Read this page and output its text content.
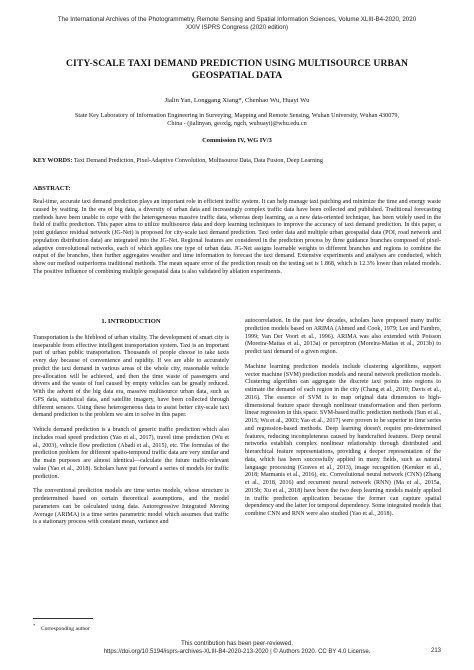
The International Archives of the Photogrammetry, Remote Sensing and Spatial Information Sciences, Volume XLIII-B4-2020, 2020
XXIV ISPRS Congress (2020 edition)
CITY-SCALE TAXI DEMAND PREDICTION USING MULTISOURCE URBAN
GEOSPATIAL DATA
Jialin Yan, Longgang Xiang*, Chenhao Wu, Huayi Wu
State Key Laboratory of Information Engineering in Surveying, Mapping and Remote Sensing, Wuhan University, Wuhan 430079,
China - (jialinyan, geoxlg, ngch, wuhuayi)@whu.edu.cn
Commission IV, WG IV/3
KEY WORDS: Taxi Demand Prediction, Pixel-Adaptive Convolution, Multisource Data, Data Fusion, Deep Learning
ABSTRACT:
Real-time, accurate taxi demand prediction plays an important role in efficient traffic system. It can help manage taxi patching and minimize the time and energy waste caused by waiting. In the era of big data, a diversity of urban data and increasingly complex traffic data have been collected and published. Traditional forecasting methods have been unable to cope with the heterogeneous massive traffic data, whereas deep learning, as a new data-oriented technique, has been widely used in the field of traffic prediction. This paper aims to utilize multisource data and deep learning techniques to improve the accuracy of taxi demand prediction. In this paper, a joint guidance residual network (JG-Net) is proposed for city-scale taxi demand prediction. Taxi order data and multiple urban geospatial data (POI, road network and population distribution data) are integrated into the JG-Net. Regional features are considered in the prediction process by three guidance branches composed of pixel-adaptive convolutional networks, each of which applies one type of urban data. JG-Net assigns learnable weights to different branches and regions to combine the output of the branches, then further aggregates weather and time information to forecast the taxi demand. Extensive experiments and analyses are conducted, which show our method outperforms traditional methods. The mean square error of the prediction result on the testing set is 1.868, which is 12.3% lower than related models. The positive influence of combining multiple geospatial data is also validated by ablation experiments.
1. INTRODUCTION

Transportation is the lifeblood of urban vitality. The development of smart city is inseparable from effective intelligent transportation system. Taxi is an important part of urban public transportation. Thousands of people choose to take taxis every day because of convenience and rapidity. If we are able to accurately predict the taxi demand in various areas of the whole city, reasonable vehicle pre-allocation will be achieved, and then the time waste of passengers and drivers and the waste of fuel caused by empty vehicles can be greatly reduced. With the advent of the big data era, massive multisource urban data, such as GPS data, statistical data, and satellite imagery, have been collected through different sensors. Using these heterogeneous data to assist better city-scale taxi demand prediction is the problem we aim to solve in this paper.

Vehicle demand prediction is a branch of generic traffic prediction which also includes road speed prediction (Yao et al., 2017), travel time prediction (Wu et al., 2003), vehicle flow prediction (Abadi et al., 2015), etc. The formulas of the prediction problem for different spatio-temporal traffic data are very similar and the main purposes are almost identical—calculate the future traffic-relevant value (Yao et al., 2018). Scholars have put forward a series of models for traffic prediction.

The conventional prediction models are time series models, whose structure is predetermined based on certain theoretical assumptions, and the model parameters can be calculated using data. Autoregressive Integrated Moving Average (ARIMA) is a time series parametric model which assumes that traffic is a stationary process with constant mean, variance and

autocorrelation. In the past few decades, scholars have proposed many traffic prediction models based on ARIMA (Ahmed and Cook, 1979; Lee and Fambro, 1999; Van Der Voort et al., 1996). ARIMA was also extended with Poisson (Moreira-Matias et al., 2013a) or perceptron (Moreira-Matias et al., 2013b) to predict taxi demand of a given region.

Machine learning prediction models include clustering algorithms, support vector machine (SVM) prediction models and neural network prediction models. Clustering algorithm can aggregate the discrete taxi points into regions to estimate the demand of each region in the city (Chang et al., 2010; Davis et al., 2016). The essence of SVM is to map original data dimension to high-dimensional feature space through nonlinear transformation and then perform linear regression in this space. SVM-based traffic prediction methods (Sun et al., 2015; Wu et al., 2003; Yao et al., 2017) were proven to be superior to time series and regression-based methods. Deep learning doesn't require pre-determined features, reducing incompleteness caused by handcrafted features. Deep neural networks establish complex nonlinear relationship through distributed and hierarchical feature representations, providing a deeper representation of the data, which has been successfully applied in many fields, such as natural language processing (Graves et al., 2013), image recognition (Kemker et al., 2018; Marmanis et al., 2016), etc. Convolutional neural network (CNN) (Zhang et al., 2018, 2016) and recurrent neural network (RNN) (Ma et al., 2015a, 2015b; Xu et al., 2018) have been the two deep learning models mainly applied in traffic prediction application because the former can capture spatial dependency and the latter for temporal dependency. Some integrated models that combine CNN and RNN were also studied (Yao et al., 2018).

*    Corresponding author
This contribution has been peer-reviewed.
https://doi.org/10.5194/isprs-archives-XLIII-B4-2020-213-2020 | © Authors 2020. CC BY 4.0 License.	213
